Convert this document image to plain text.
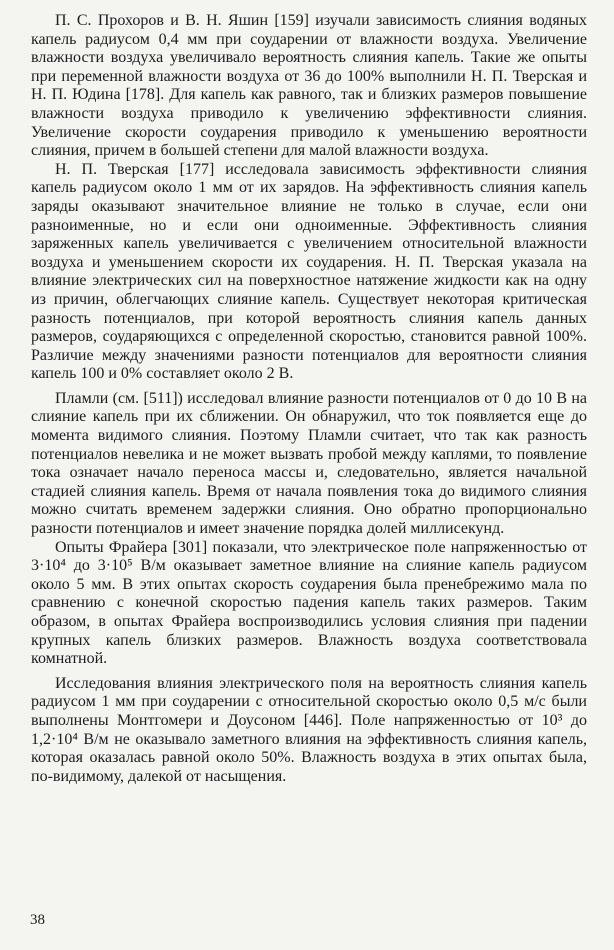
П. С. Прохоров и В. Н. Яшин [159] изучали зависимость слияния водяных капель радиусом 0,4 мм при соударении от влажности воздуха. Увеличение влажности воздуха увеличивало вероятность слияния капель. Такие же опыты при переменной влажности воздуха от 36 до 100% выполнили Н. П. Тверская и Н. П. Юдина [178]. Для капель как равного, так и близких размеров повышение влажности воздуха приводило к увеличению эффективности слияния. Увеличение скорости соударения приводило к уменьшению вероятности слияния, причем в большей степени для малой влажности воздуха.

Н. П. Тверская [177] исследовала зависимость эффективности слияния капель радиусом около 1 мм от их зарядов. На эффективность слияния капель заряды оказывают значительное влияние не только в случае, если они разноименные, но и если они одноименные. Эффективность слияния заряженных капель увеличивается с увеличением относительной влажности воздуха и уменьшением скорости их соударения. Н. П. Тверская указала на влияние электрических сил на поверхностное натяжение жидкости как на одну из причин, облегчающих слияние капель. Существует некоторая критическая разность потенциалов, при которой вероятность слияния капель данных размеров, соударяющихся с определенной скоростью, становится равной 100%. Различие между значениями разности потенциалов для вероятности слияния капель 100 и 0% составляет около 2 В.

Пламли (см. [511]) исследовал влияние разности потенциалов от 0 до 10 В на слияние капель при их сближении. Он обнаружил, что ток появляется еще до момента видимого слияния. Поэтому Пламли считает, что так как разность потенциалов невелика и не может вызвать пробой между каплями, то появление тока означает начало переноса массы и, следовательно, является начальной стадией слияния капель. Время от начала появления тока до видимого слияния можно считать временем задержки слияния. Оно обратно пропорционально разности потенциалов и имеет значение порядка долей миллисекунд.

Опыты Фрайера [301] показали, что электрическое поле напряженностью от 3·10⁴ до 3·10⁵ В/м оказывает заметное влияние на слияние капель радиусом около 5 мм. В этих опытах скорость соударения была пренебрежимо мала по сравнению с конечной скоростью падения капель таких размеров. Таким образом, в опытах Фрайера воспроизводились условия слияния при падении крупных капель близких размеров. Влажность воздуха соответствовала комнатной.

Исследования влияния электрического поля на вероятность слияния капель радиусом 1 мм при соударении с относительной скоростью около 0,5 м/с были выполнены Монтгомери и Доусоном [446]. Поле напряженностью от 10³ до 1,2·10⁴ В/м не оказывало заметного влияния на эффективность слияния капель, которая оказалась равной около 50%. Влажность воздуха в этих опытах была, по-видимому, далекой от насыщения.

38
